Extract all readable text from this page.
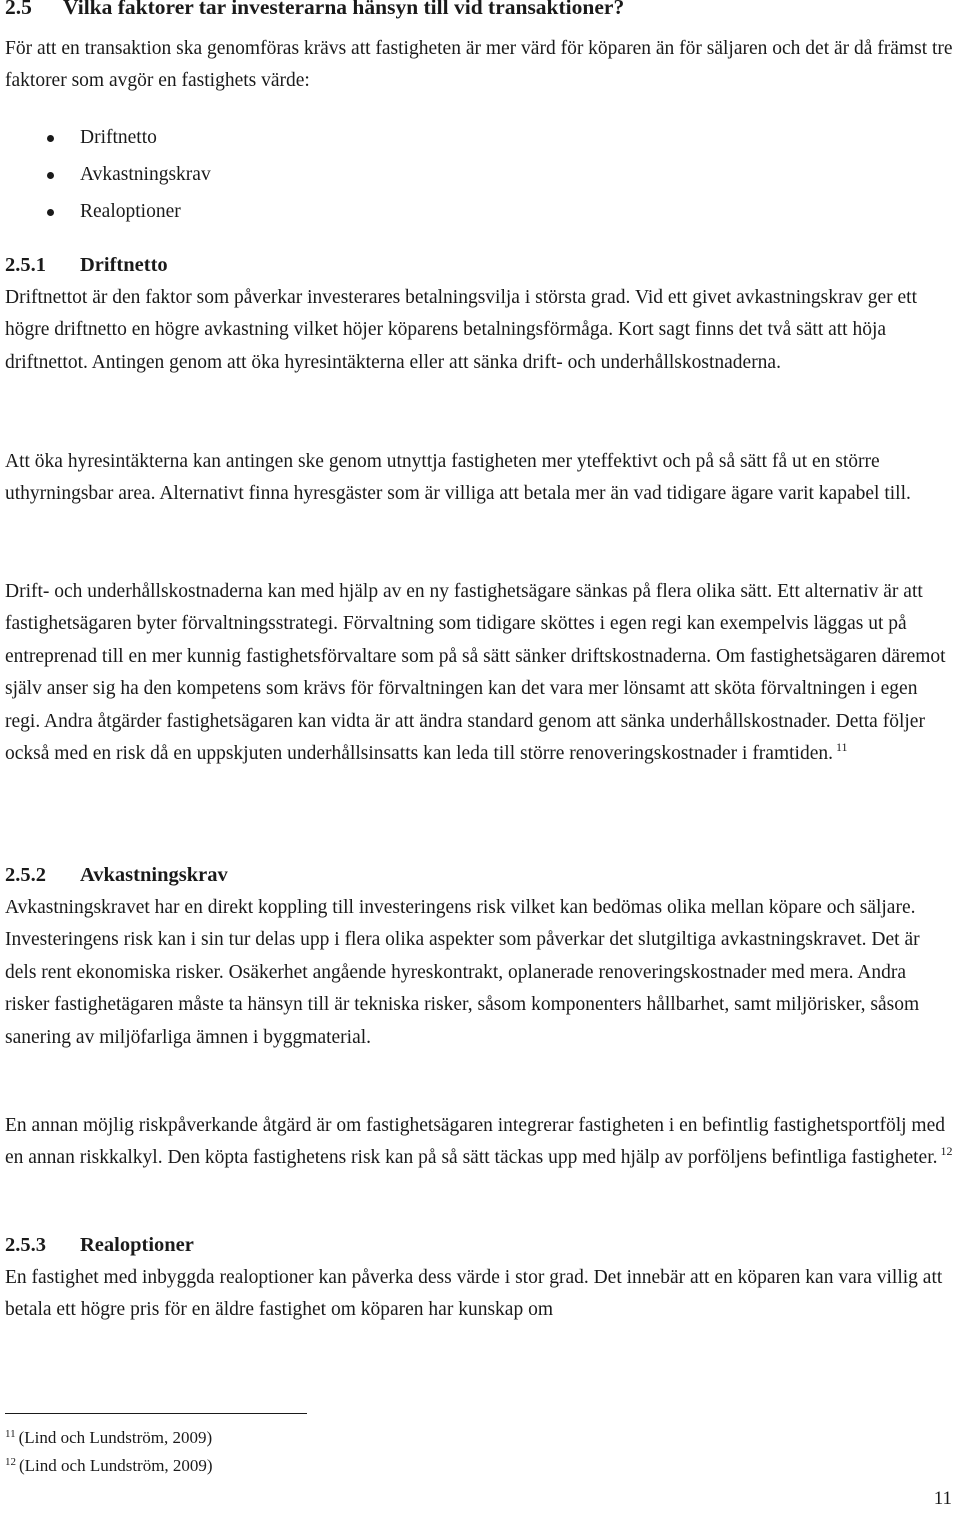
2.5 Vilka faktorer tar investerarna hänsyn till vid transaktioner?

För att en transaktion ska genomföras krävs att fastigheten är mer värd för köparen än för säljaren och det är då främst tre faktorer som avgör en fastighets värde:

Driftnetto
Avkastningskrav
Realoptioner
2.5.1 Driftnetto

Driftnettot är den faktor som påverkar investerares betalningsvilja i största grad. Vid ett givet avkastningskrav ger ett högre driftnetto en högre avkastning vilket höjer köparens betalningsförmåga. Kort sagt finns det två sätt att höja driftnettot. Antingen genom att öka hyresintäkterna eller att sänka drift- och underhållskostnaderna.

Att öka hyresintäkterna kan antingen ske genom utnyttja fastigheten mer yteffektivt och på så sätt få ut en större uthyrningsbar area. Alternativt finna hyresgäster som är villiga att betala mer än vad tidigare ägare varit kapabel till.

Drift- och underhållskostnaderna kan med hjälp av en ny fastighetsägare sänkas på flera olika sätt. Ett alternativ är att fastighetsägaren byter förvaltningsstrategi. Förvaltning som tidigare sköttes i egen regi kan exempelvis läggas ut på entreprenad till en mer kunnig fastighetsförvaltare som på så sätt sänker driftskostnaderna. Om fastighetsägaren däremot själv anser sig ha den kompetens som krävs för förvaltningen kan det vara mer lönsamt att sköta förvaltningen i egen regi. Andra åtgärder fastighetsägaren kan vidta är att ändra standard genom att sänka underhållskostnader. Detta följer också med en risk då en uppskjuten underhållsinsatts kan leda till större renoveringskostnader i framtiden. $^{11}$

2.5.2 Avkastningskrav

Avkastningskravet har en direkt koppling till investeringens risk vilket kan bedömas olika mellan köpare och säljare. Investeringens risk kan i sin tur delas upp i flera olika aspekter som påverkar det slutgiltiga avkastningskravet. Det är dels rent ekonomiska risker. Osäkerhet angående hyreskontrakt, oplanerade renoveringskostnader med mera. Andra risker fastighetägaren måste ta hänsyn till är tekniska risker, såsom komponenters hållbarhet, samt miljörisker, såsom sanering av miljöfarliga ämnen i byggmaterial.

En annan möjlig riskpåverkande åtgärd är om fastighetsägaren integrerar fastigheten i en befintlig fastighetsportfölj med en annan riskkalkyl. Den köpta fastighetens risk kan på så sätt täckas upp med hjälp av porföljens befintliga fastigheter. $^{12}$

2.5.3 Realoptioner

En fastighet med inbyggda realoptioner kan påverka dess värde i stor grad. Det innebär att en köparen kan vara villig att betala ett högre pris för en äldre fastighet om köparen har kunskap om

$^{11}$ (Lind och Lundström, 2009)
$^{12}$ (Lind och Lundström, 2009)
11
